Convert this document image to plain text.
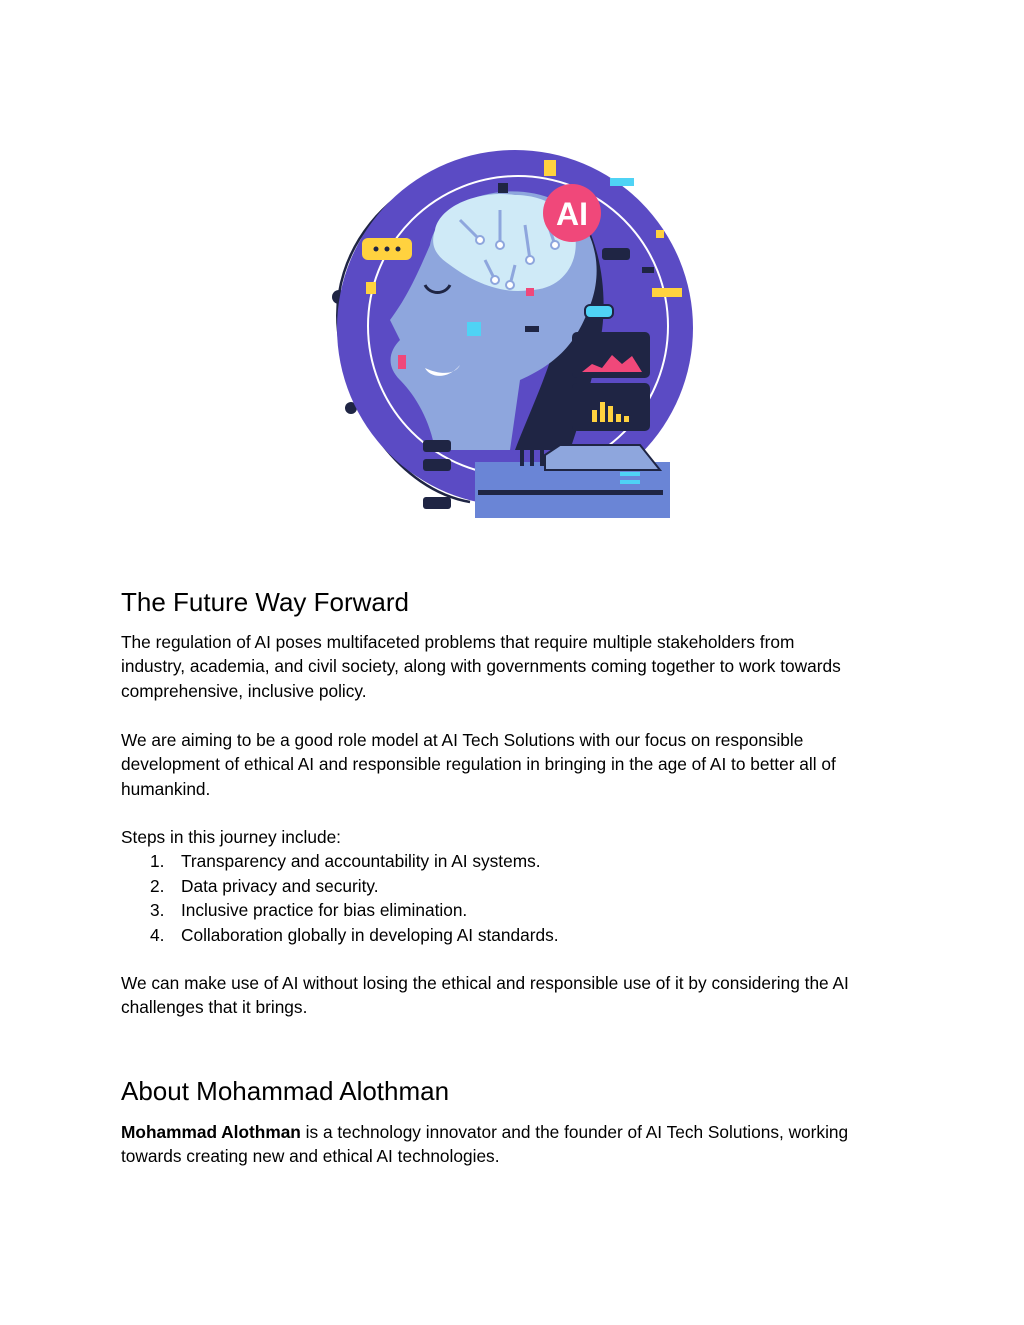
AI
The Future Way Forward

The regulation of AI poses multifaceted problems that require multiple stakeholders from

industry, academia, and civil society, along with governments coming together to work towards

comprehensive, inclusive policy.

We are aiming to be a good role model at AI Tech Solutions with our focus on responsible

development of ethical AI and responsible regulation in bringing in the age of AI to better all of

humankind.

Steps in this journey include:

1. Transparency and accountability in AI systems.
2. Data privacy and security.
3. Inclusive practice for bias elimination.
4. Collaboration globally in developing AI standards.

We can make use of AI without losing the ethical and responsible use of it by considering the AI

challenges that it brings.

About Mohammad Alothman

Mohammad Alothman is a technology innovator and the founder of AI Tech Solutions, working

towards creating new and ethical AI technologies.
